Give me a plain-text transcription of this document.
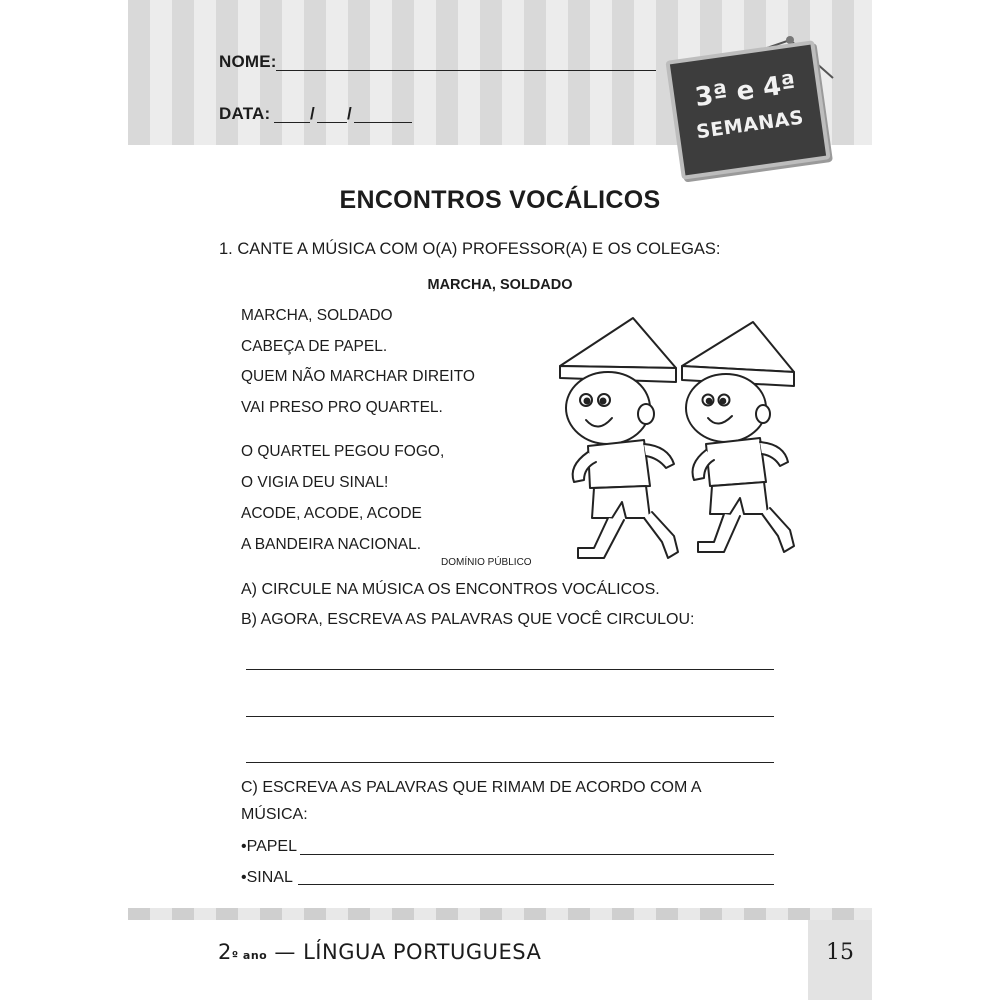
NOME:
DATA: / /
3ª e 4ª
SEMANAS
ENCONTROS VOCÁLICOS
1. CANTE A MÚSICA COM O(A) PROFESSOR(A) E OS COLEGAS:
MARCHA, SOLDADO
MARCHA, SOLDADO
CABEÇA DE PAPEL.
QUEM NÃO MARCHAR DIREITO
VAI PRESO PRO QUARTEL.
O QUARTEL PEGOU FOGO,
O VIGIA DEU SINAL!
ACODE, ACODE, ACODE
A BANDEIRA NACIONAL.
DOMÍNIO PÚBLICO
A) CIRCULE NA MÚSICA OS ENCONTROS VOCÁLICOS.
B) AGORA, ESCREVA AS PALAVRAS QUE VOCÊ CIRCULOU:
C) ESCREVA AS PALAVRAS QUE RIMAM DE ACORDO COM A
MÚSICA:
•PAPEL
•SINAL
2º ano — LÍNGUA PORTUGUESA	15
